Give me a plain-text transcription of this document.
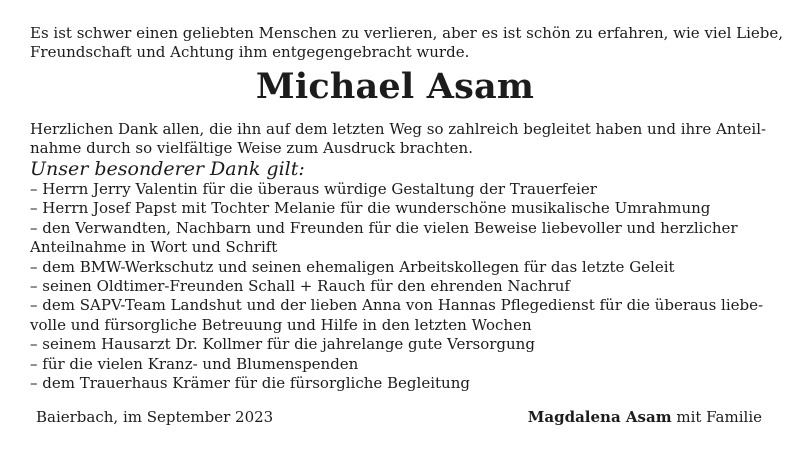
Es ist schwer einen geliebten Menschen zu verlieren, aber es ist schön zu erfahren, wie viel Liebe,
Freundschaft und Achtung ihm entgegengebracht wurde.
Michael Asam
Herzlichen Dank allen, die ihn auf dem letzten Weg so zahlreich begleitet haben und ihre Anteil-
nahme durch so vielfältige Weise zum Ausdruck brachten.
Unser besonderer Dank gilt:
– Herrn Jerry Valentin für die überaus würdige Gestaltung der Trauerfeier
– Herrn Josef Papst mit Tochter Melanie für die wunderschöne musikalische Umrahmung
– den Verwandten, Nachbarn und Freunden für die vielen Beweise liebevoller und herzlicher
Anteilnahme in Wort und Schrift
– dem BMW-Werkschutz und seinen ehemaligen Arbeitskollegen für das letzte Geleit
– seinen Oldtimer-Freunden Schall + Rauch für den ehrenden Nachruf
– dem SAPV-Team Landshut und der lieben Anna von Hannas Pflegedienst für die überaus liebe-
volle und fürsorgliche Betreuung und Hilfe in den letzten Wochen
– seinem Hausarzt Dr. Kollmer für die jahrelange gute Versorgung
– für die vielen Kranz- und Blumenspenden
– dem Trauerhaus Krämer für die fürsorgliche Begleitung
Baierbach, im September 2023	Magdalena Asam mit Familie
